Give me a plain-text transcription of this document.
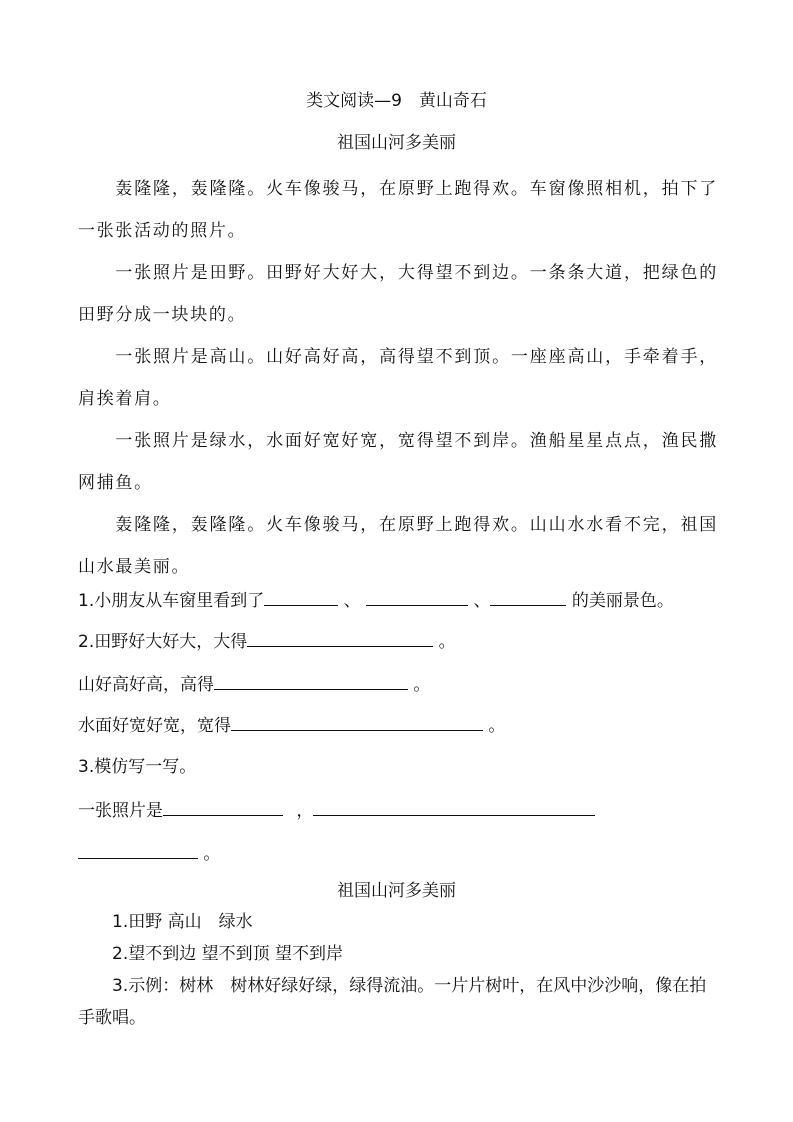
类文阅读—9　黄山奇石
祖国山河多美丽

轰隆隆，轰隆隆。火车像骏马，在原野上跑得欢。车窗像照相机，拍下了一张张活动的照片。

一张照片是田野。田野好大好大，大得望不到边。一条条大道，把绿色的田野分成一块块的。

一张照片是高山。山好高好高，高得望不到顶。一座座高山，手牵着手，肩挨着肩。

一张照片是绿水，水面好宽好宽，宽得望不到岸。渔船星星点点，渔民撒网捕鱼。

轰隆隆，轰隆隆。火车像骏马，在原野上跑得欢。山山水水看不完，祖国山水最美丽。

1.小朋友从车窗里看到了	、	、	的美丽景色。
2.田野好大好大，大得	。
山好高好高，高得	。
水面好宽好宽，宽得	。
3.模仿写一写。
一张照片是	，
。
祖国山河多美丽
1.田野 高山　绿水
2.望不到边 望不到顶 望不到岸
3.示例：树林　树林好绿好绿，绿得流油。一片片树叶，在风中沙沙响，像在拍手歌唱。
